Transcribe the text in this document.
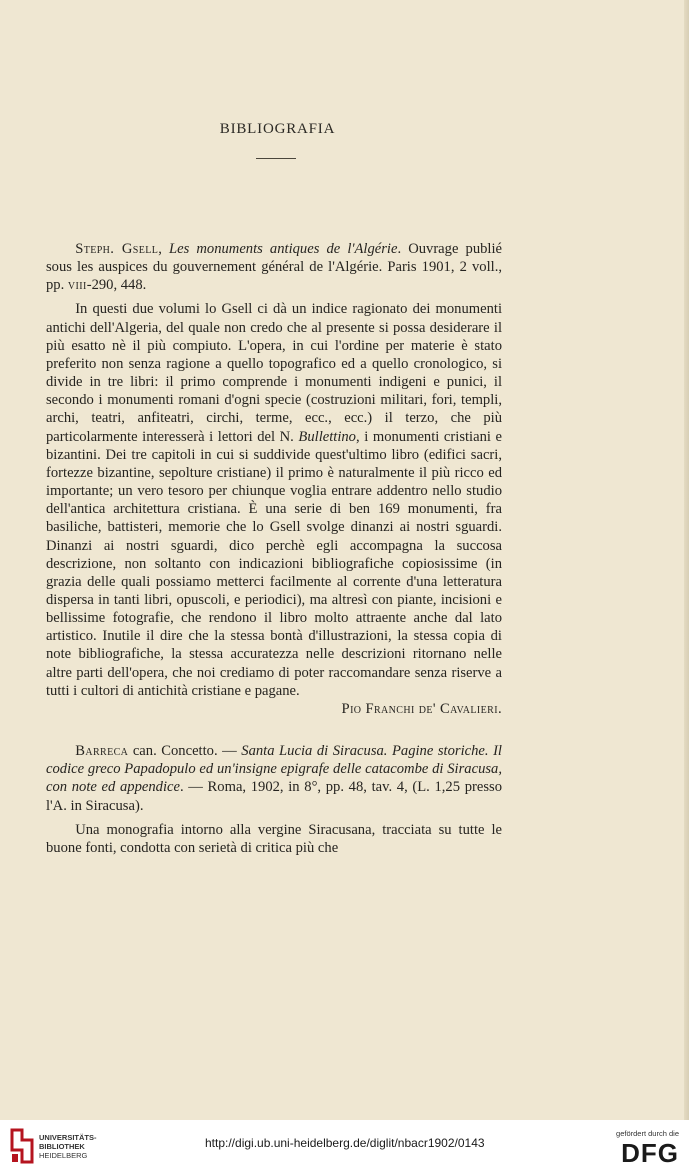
BIBLIOGRAFIA

Steph. Gsell, Les monuments antiques de l'Algérie. Ouvrage publié sous les auspices du gouvernement général de l'Algérie. Paris 1901, 2 voll., pp. viii-290, 448.

In questi due volumi lo Gsell ci dà un indice ragionato dei monumenti antichi dell'Algeria, del quale non credo che al presente si possa desiderare il più esatto nè il più compiuto. L'opera, in cui l'ordine per materie è stato preferito non senza ragione a quello topografico ed a quello cronologico, si divide in tre libri: il primo comprende i monumenti indigeni e punici, il secondo i monumenti romani d'ogni specie (costruzioni militari, fori, templi, archi, teatri, anfiteatri, circhi, terme, ecc., ecc.) il terzo, che più particolarmente interesserà i lettori del N. Bullettino, i monumenti cristiani e bizantini. Dei tre capitoli in cui si suddivide quest'ultimo libro (edifici sacri, fortezze bizantine, sepolture cristiane) il primo è naturalmente il più ricco ed importante; un vero tesoro per chiunque voglia entrare addentro nello studio dell'antica architettura cristiana. È una serie di ben 169 monumenti, fra basiliche, battisteri, memorie che lo Gsell svolge dinanzi ai nostri sguardi. Dinanzi ai nostri sguardi, dico perchè egli accompagna la succosa descrizione, non soltanto con indicazioni bibliografiche copiosissime (in grazia delle quali possiamo metterci facilmente al corrente d'una letteratura dispersa in tanti libri, opuscoli, e periodici), ma altresì con piante, incisioni e bellissime fotografie, che rendono il libro molto attraente anche dal lato artistico. Inutile il dire che la stessa bontà d'illustrazioni, la stessa copia di note bibliografiche, la stessa accuratezza nelle descrizioni ritornano nelle altre parti dell'opera, che noi crediamo di poter raccomandare senza riserve a tutti i cultori di antichità cristiane e pagane.

Pio Franchi de' Cavalieri.

Barreca can. Concetto. — Santa Lucia di Siracusa. Pagine storiche. Il codice greco Papadopulo ed un'insigne epigrafe delle catacombe di Siracusa, con note ed appendice. — Roma, 1902, in 8°, pp. 48, tav. 4, (L. 1,25 presso l'A. in Siracusa).

Una monografia intorno alla vergine Siracusana, tracciata su tutte le buone fonti, condotta con serietà di critica più che

UNIVERSITÄTS-
BIBLIOTHEK
HEIDELBERG
http://digi.ub.uni-heidelberg.de/diglit/nbacr1902/0143
gefördert durch die
DFG
